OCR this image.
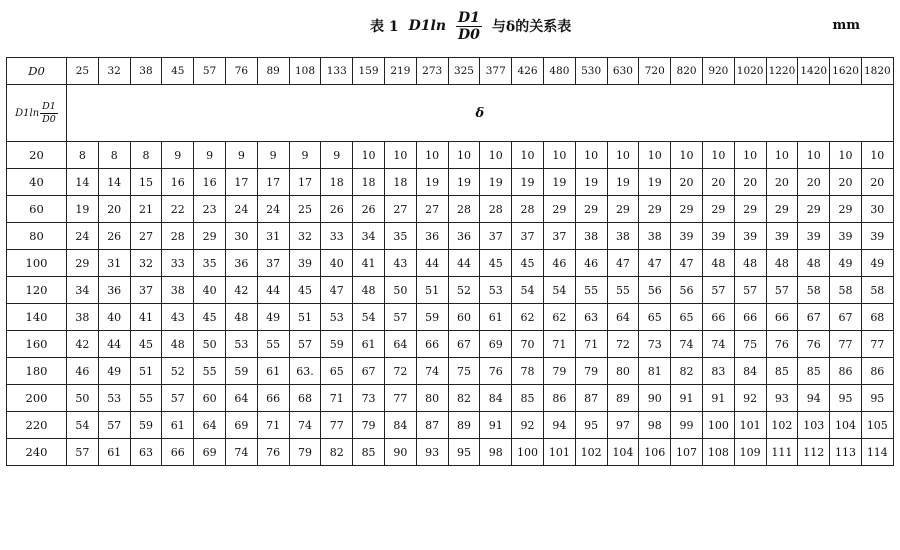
表 1 $D1\ln \frac{D1}{D0}$ 与δ的关系表	mm
D0	25	32	38	45	57	76	89	108	133	159	219	273	325	377	426	480	530	630	720	820	920	1020	1220	1420	1620	1820

$D1\ln \frac{D1}{D0}$	δ																									
20	8	8	8	9	9	9	9	9	9	10	10	10	10	10	10	10	10	10	10	10	10	10	10	10	10	10
40	14	14	15	16	16	17	17	17	18	18	18	19	19	19	19	19	19	19	19	20	20	20	20	20	20	20
60	19	20	21	22	23	24	24	25	26	26	27	27	28	28	28	29	29	29	29	29	29	29	29	29	29	30
80	24	26	27	28	29	30	31	32	33	34	35	36	36	37	37	37	38	38	38	39	39	39	39	39	39	39
100	29	31	32	33	35	36	37	39	40	41	43	44	44	45	45	46	46	47	47	47	48	48	48	48	49	49
120	34	36	37	38	40	42	44	45	47	48	50	51	52	53	54	54	55	55	56	56	57	57	57	58	58	58
140	38	40	41	43	45	48	49	51	53	54	57	59	60	61	62	62	63	64	65	65	66	66	66	67	67	68
160	42	44	45	48	50	53	55	57	59	61	64	66	67	69	70	71	71	72	73	74	74	75	76	76	77	77
180	46	49	51	52	55	59	61	63.	65	67	72	74	75	76	78	79	79	80	81	82	83	84	85	85	86	86
200	50	53	55	57	60	64	66	68	71	73	77	80	82	84	85	86	87	89	90	91	91	92	93	94	95	95
220	54	57	59	61	64	69	71	74	77	79	84	87	89	91	92	94	95	97	98	99	100	101	102	103	104	105
240	57	61	63	66	69	74	76	79	82	85	90	93	95	98	100	101	102	104	106	107	108	109	111	112	113	114
